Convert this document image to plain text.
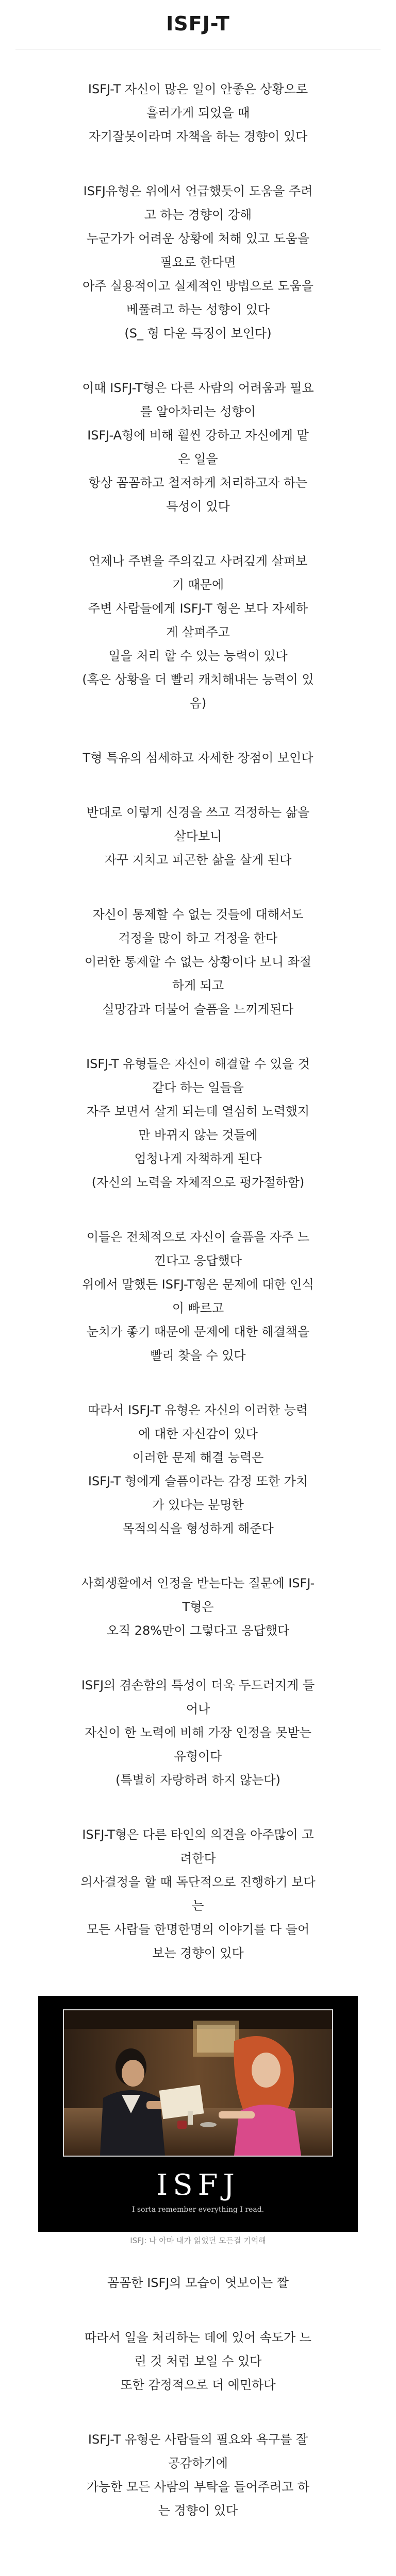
ISFJ-T
ISFJ-T 자신이 많은 일이 안좋은 상황으로
흘러가게 되었을 때
자기잘못이라며 자책을 하는 경향이 있다
ISFJ유형은 위에서 언급했듯이 도움을 주려
고 하는 경향이 강해
누군가가 어려운 상황에 처해 있고 도움을
필요로 한다면
아주 실용적이고 실제적인 방법으로 도움을
베풀려고 하는 성향이 있다
(S_ 형 다운 특징이 보인다)
이때 ISFJ-T형은 다른 사람의 어려움과 필요
를 알아차리는 성향이
ISFJ-A형에 비해 훨씬 강하고 자신에게 맡
은 일을
항상 꼼꼼하고 철저하게 처리하고자 하는
특성이 있다
언제나 주변을 주의깊고 사려깊게 살펴보
기 때문에
주변 사람들에게 ISFJ-T 형은 보다 자세하
게 살펴주고
일을 처리 할 수 있는 능력이 있다
(혹은 상황을 더 빨리 캐치해내는 능력이 있
음)
T형 특유의 섬세하고 자세한 장점이 보인다
반대로 이렇게 신경을 쓰고 걱정하는 삶을
살다보니
자꾸 지치고 피곤한 삶을 살게 된다
자신이 통제할 수 없는 것들에 대해서도
걱정을 많이 하고 걱정을 한다
이러한 통제할 수 없는 상황이다 보니 좌절
하게 되고
실망감과 더불어 슬픔을 느끼게된다
ISFJ-T 유형들은 자신이 해결할 수 있을 것
같다 하는 일들을
자주 보면서 살게 되는데 열심히 노력했지
만 바뀌지 않는 것들에
엄청나게 자책하게 된다
(자신의 노력을 자체적으로 평가절하함)
이들은 전체적으로 자신이 슬픔을 자주 느
낀다고 응답했다
위에서 말했든 ISFJ-T형은 문제에 대한 인식
이 빠르고
눈치가 좋기 때문에 문제에 대한 해결책을
빨리 찾을 수 있다
따라서 ISFJ-T 유형은 자신의 이러한 능력
에 대한 자신감이 있다
이러한 문제 해결 능력은
ISFJ-T 형에게 슬픔이라는 감정 또한 가치
가 있다는 분명한
목적의식을 형성하게 해준다
사회생활에서 인정을 받는다는 질문에 ISFJ-
T형은
오직 28%만이 그렇다고 응답했다
ISFJ의 겸손함의 특성이 더욱 두드러지게 들
어나
자신이 한 노력에 비해 가장 인정을 못받는
유형이다
(특별히 자랑하려 하지 않는다)
ISFJ-T형은 다른 타인의 의견을 아주많이 고
려한다
의사결정을 할 때 독단적으로 진행하기 보다
는
모든 사람들 한명한명의 이야기를 다 들어
보는 경향이 있다
ISFJ
I sorta remember everything I read.
ISFJ: 나 아마 내가 읽었던 모든걸 기억해
꼼꼼한 ISFJ의 모습이 엿보이는 짤
따라서 일을 처리하는 데에 있어 속도가 느
린 것 처럼 보일 수 있다
또한 감정적으로 더 예민하다
ISFJ-T 유형은 사람들의 필요와 욕구를 잘
공감하기에
가능한 모든 사람의 부탁을 들어주려고 하
는 경향이 있다
